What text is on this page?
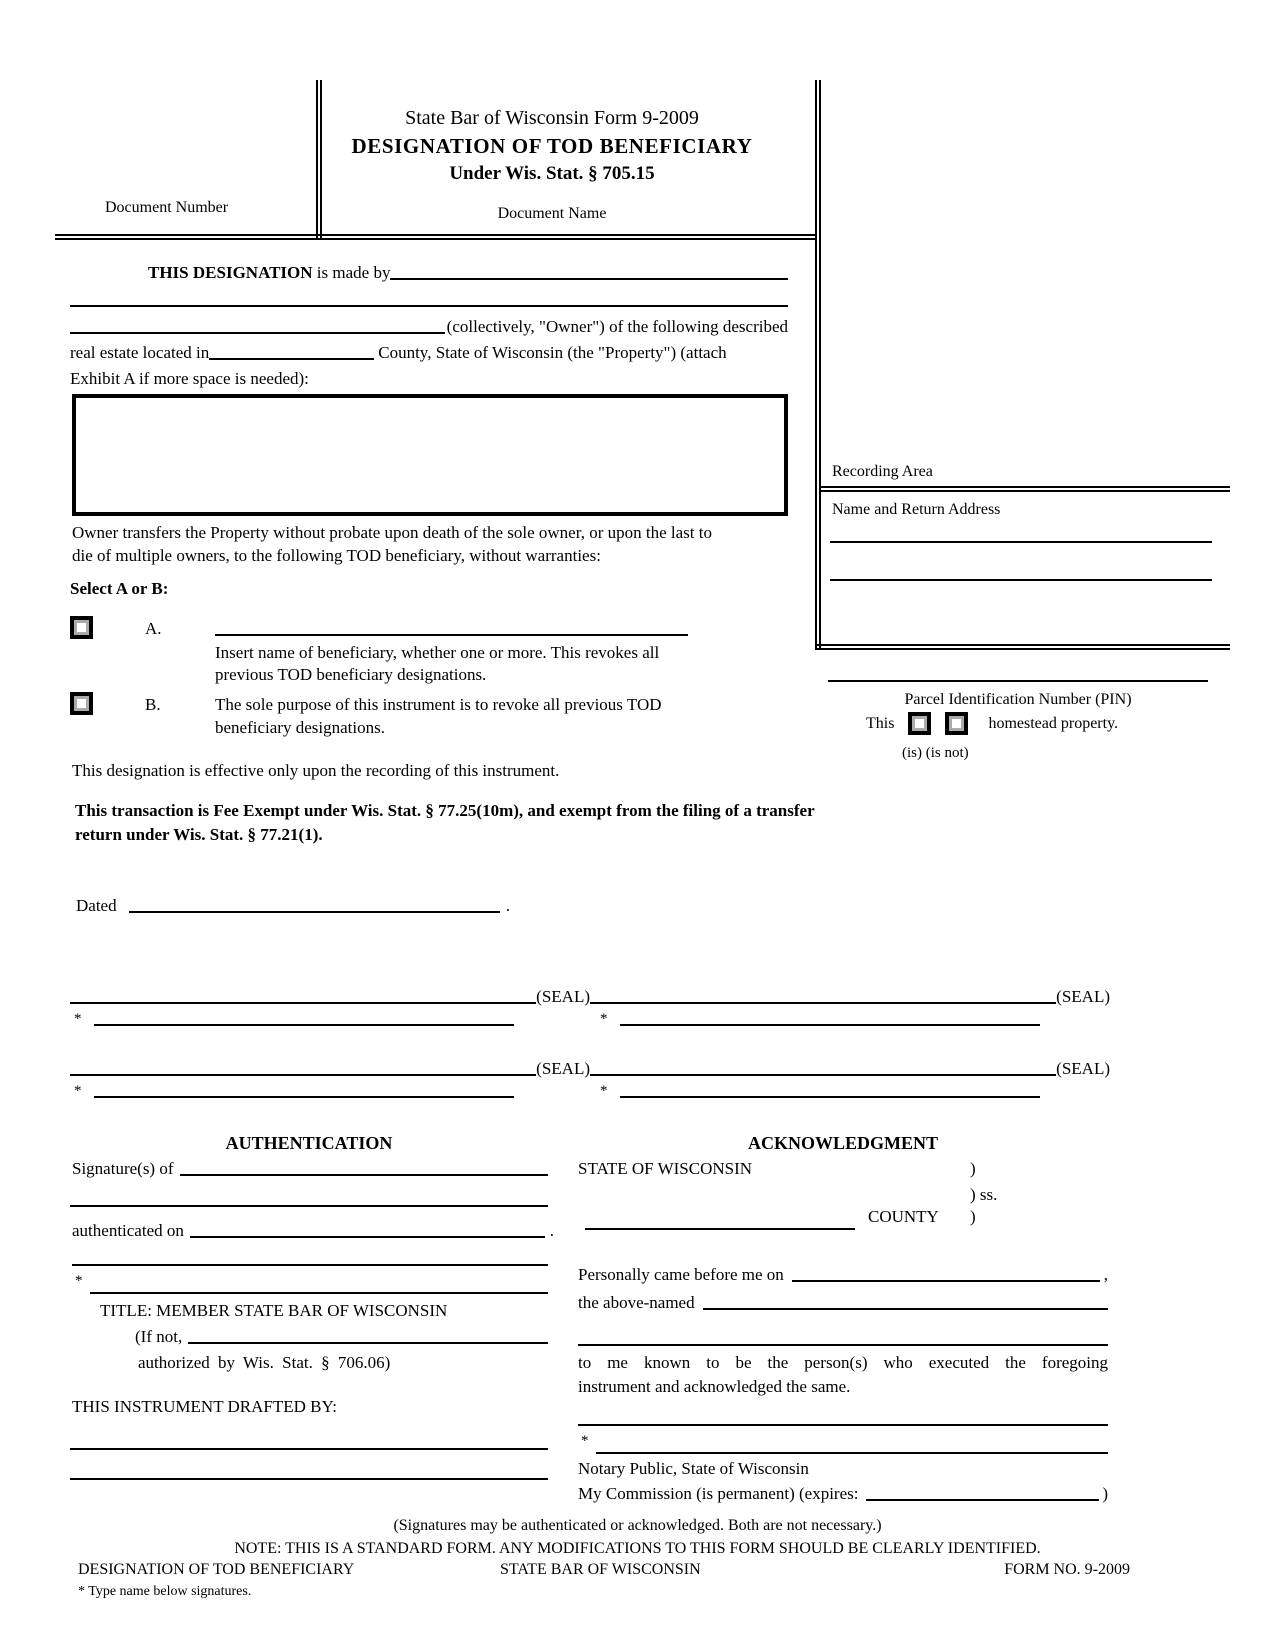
Document Number
State Bar of Wisconsin Form 9-2009
DESIGNATION OF TOD BENEFICIARY
Under Wis. Stat. § 705.15
Document Name
Recording Area
Name and Return Address
Parcel Identification Number (PIN)
This	homestead property.
(is) (is not)
THIS DESIGNATION is made by
(collectively, "Owner") of the following described
real estate located in	County, State of Wisconsin (the "Property") (attach
Exhibit A if more space is needed):
Owner transfers the Property without probate upon death of the sole owner, or upon the last to
die of multiple owners, to the following TOD beneficiary, without warranties:
Select A or B:
A.
Insert name of beneficiary, whether one or more. This revokes all
previous TOD beneficiary designations.
B.	The sole purpose of this instrument is to revoke all previous TOD
beneficiary designations.
This designation is effective only upon the recording of this instrument.
This transaction is Fee Exempt under Wis. Stat. § 77.25(10m), and exempt from the filing of a transfer
return under Wis. Stat. § 77.21(1).
Dated	.
(SEAL)	(SEAL)
*	*
(SEAL)	(SEAL)
*	*
AUTHENTICATION
Signature(s) of
authenticated on	.
*
TITLE: MEMBER STATE BAR OF WISCONSIN
(If not,
authorized by Wis. Stat. § 706.06)
THIS INSTRUMENT DRAFTED BY:
ACKNOWLEDGMENT
STATE OF WISCONSIN	)
) ss.
COUNTY )
Personally came before me on	,
the above-named
to me known to be the person(s) who executed the foregoing
instrument and acknowledged the same.
*
Notary Public, State of Wisconsin
My Commission (is permanent) (expires:	)
(Signatures may be authenticated or acknowledged. Both are not necessary.)
NOTE: THIS IS A STANDARD FORM. ANY MODIFICATIONS TO THIS FORM SHOULD BE CLEARLY IDENTIFIED.
DESIGNATION OF TOD BENEFICIARY	STATE BAR OF WISCONSIN	FORM NO. 9-2009
* Type name below signatures.
